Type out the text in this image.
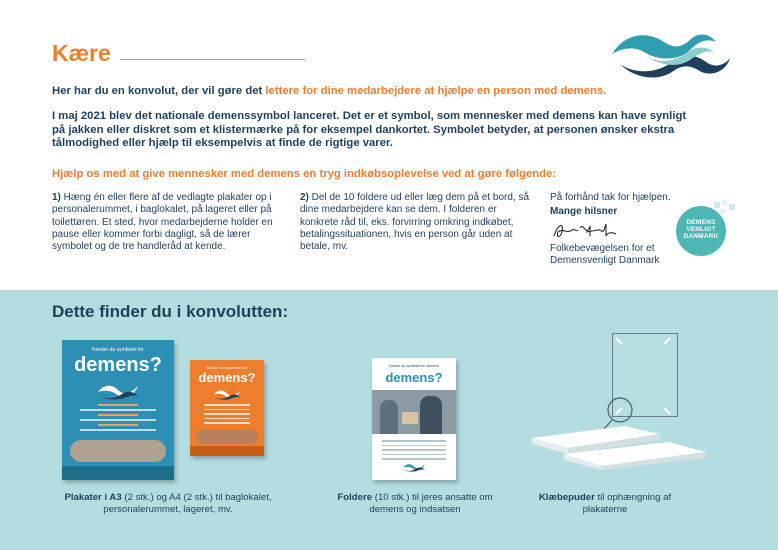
Kære
Her har du en konvolut, der vil gøre det lettere for dine medarbejdere at hjælpe en person med demens.
I maj 2021 blev det nationale demenssymbol lanceret. Det er et symbol, som mennesker med demens kan have synligt på jakken eller diskret som et klistermærke på for eksempel dankortet. Symbolet betyder, at personen ønsker ekstra tålmodighed eller hjælp til eksempelvis at finde de rigtige varer.
Hjælp os med at give mennesker med demens en tryg indkøbsoplevelse ved at gøre følgende:
1) Hæng én eller flere af de vedlagte plakater op i personalerummet, i baglokalet, på lageret eller på toilettøren. Et sted, hvor medarbejderne holder en pause eller kommer forbi dagligt, så de lærer symbolet og de tre handleråd at kende.
2) Del de 10 foldere ud eller læg dem på et bord, så dine medarbejdere kan se dem. I folderen er konkrete råd til, eks. forvirring omkring indkøbet, betalingssituationen, hvis en person går uden at betale, mv.
På forhånd tak for hjælpen.
Mange hilsner
Folkebevægelsen for et
Demensvenligt Danmark
DEMENS
VENLIGT
DANMARK
Dette finder du i konvolutten:
Kender du symbolet for
demens?	Kender du symbolet for
demens?
Kender du symbolet for demens
demens?
Plakater i A3 (2 stk.) og A4 (2 stk.) til baglokalet, personalerummet, lageret, mv.
Foldere (10 stk.) til jeres ansatte om demens og indsatsen
Klæbepuder til ophængning af plakaterne
